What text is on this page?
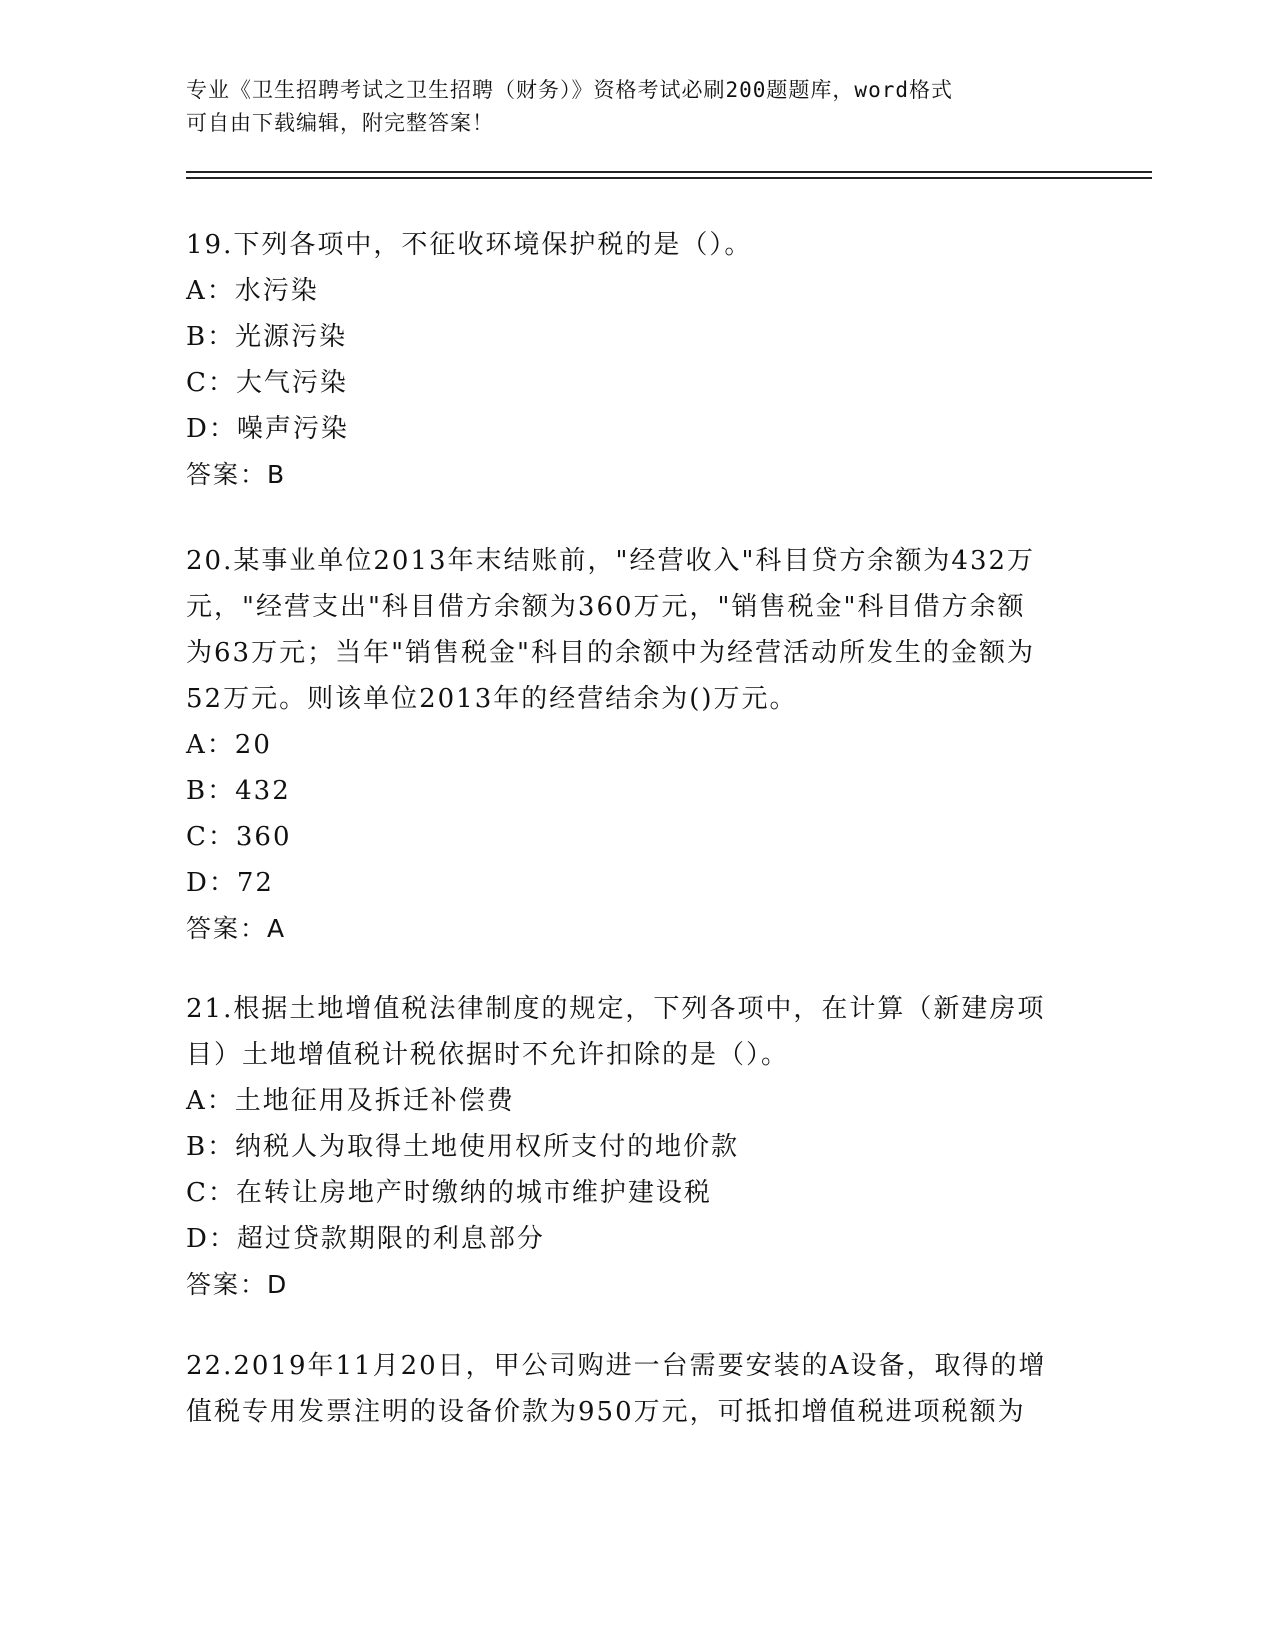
专业《卫生招聘考试之卫生招聘（财务）》资格考试必刷200题题库，word格式
可自由下载编辑，附完整答案！
19.下列各项中，不征收环境保护税的是（）。
A：水污染
B：光源污染
C：大气污染
D：噪声污染
答案：B
20.某事业单位2013年末结账前，"经营收入"科目贷方余额为432万
元，"经营支出"科目借方余额为360万元，"销售税金"科目借方余额
为63万元；当年"销售税金"科目的余额中为经营活动所发生的金额为
52万元。则该单位2013年的经营结余为()万元。
A：20
B：432
C：360
D：72
答案：A
21.根据土地增值税法律制度的规定，下列各项中，在计算（新建房项
目）土地增值税计税依据时不允许扣除的是（）。
A：土地征用及拆迁补偿费
B：纳税人为取得土地使用权所支付的地价款
C：在转让房地产时缴纳的城市维护建设税
D：超过贷款期限的利息部分
答案：D
22.2019年11月20日，甲公司购进一台需要安装的A设备，取得的增
值税专用发票注明的设备价款为950万元，可抵扣增值税进项税额为
